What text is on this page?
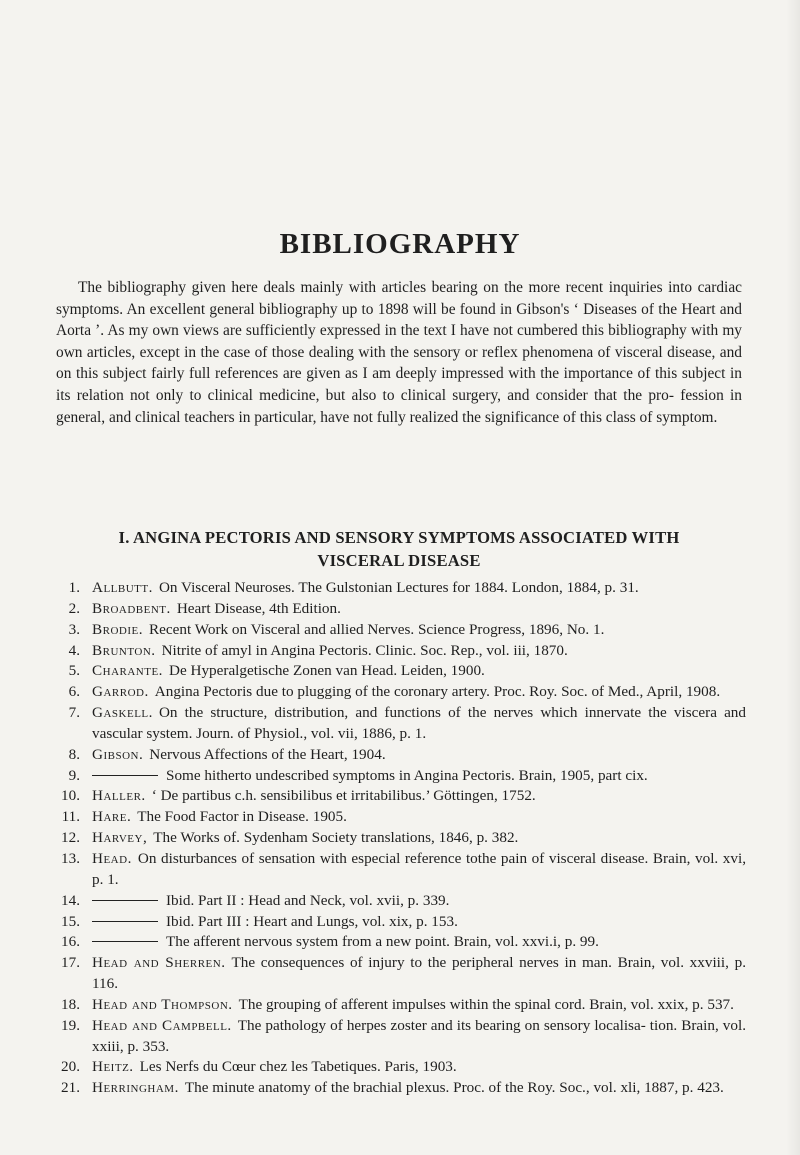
BIBLIOGRAPHY

The bibliography given here deals mainly with articles bearing on the more recent inquiries into cardiac symptoms. An excellent general bibliography up to 1898 will be found in Gibson's ‘ Diseases of the Heart and Aorta ’. As my own views are sufficiently expressed in the text I have not cumbered this bibliography with my own articles, except in the case of those dealing with the sensory or reflex phenomena of visceral disease, and on this subject fairly full references are given as I am deeply impressed with the importance of this subject in its relation not only to clinical medicine, but also to clinical surgery, and consider that the pro- fession in general, and clinical teachers in particular, have not fully realized the significance of this class of symptom.

I. ANGINA PECTORIS AND SENSORY SYMPTOMS ASSOCIATED WITH
VISCERAL DISEASE
1. Allbutt. On Visceral Neuroses. The Gulstonian Lectures for 1884. London, 1884, p. 31.
2. Broadbent. Heart Disease, 4th Edition.
3. Brodie. Recent Work on Visceral and allied Nerves. Science Progress, 1896, No. 1.
4. Brunton. Nitrite of amyl in Angina Pectoris. Clinic. Soc. Rep., vol. iii, 1870.
5. Charante. De Hyperalgetische Zonen van Head. Leiden, 1900.
6. Garrod. Angina Pectoris due to plugging of the coronary artery. Proc. Roy. Soc. of Med., April, 1908.
7. Gaskell. On the structure, distribution, and functions of the nerves which innervate the viscera and vascular system. Journ. of Physiol., vol. vii, 1886, p. 1.
8. Gibson. Nervous Affections of the Heart, 1904.
9.	Some hitherto undescribed symptoms in Angina Pectoris. Brain, 1905, part cix.
10. Haller. ‘ De partibus c.h. sensibilibus et irritabilibus.’ Göttingen, 1752.
11. Hare. The Food Factor in Disease. 1905.
12. Harvey, The Works of. Sydenham Society translations, 1846, p. 382.
13. Head. On disturbances of sensation with especial reference tothe pain of visceral disease. Brain, vol. xvi, p. 1.
14.	Ibid. Part II : Head and Neck, vol. xvii, p. 339.
15.	Ibid. Part III : Heart and Lungs, vol. xix, p. 153.
16.	The afferent nervous system from a new point. Brain, vol. xxvi.i, p. 99.
17. Head and Sherren. The consequences of injury to the peripheral nerves in man. Brain, vol. xxviii, p. 116.
18. Head and Thompson. The grouping of afferent impulses within the spinal cord. Brain, vol. xxix, p. 537.
19. Head and Campbell. The pathology of herpes zoster and its bearing on sensory localisa- tion. Brain, vol. xxiii, p. 353.
20. Heitz. Les Nerfs du Cœur chez les Tabetiques. Paris, 1903.
21. Herringham. The minute anatomy of the brachial plexus. Proc. of the Roy. Soc., vol. xli, 1887, p. 423.
